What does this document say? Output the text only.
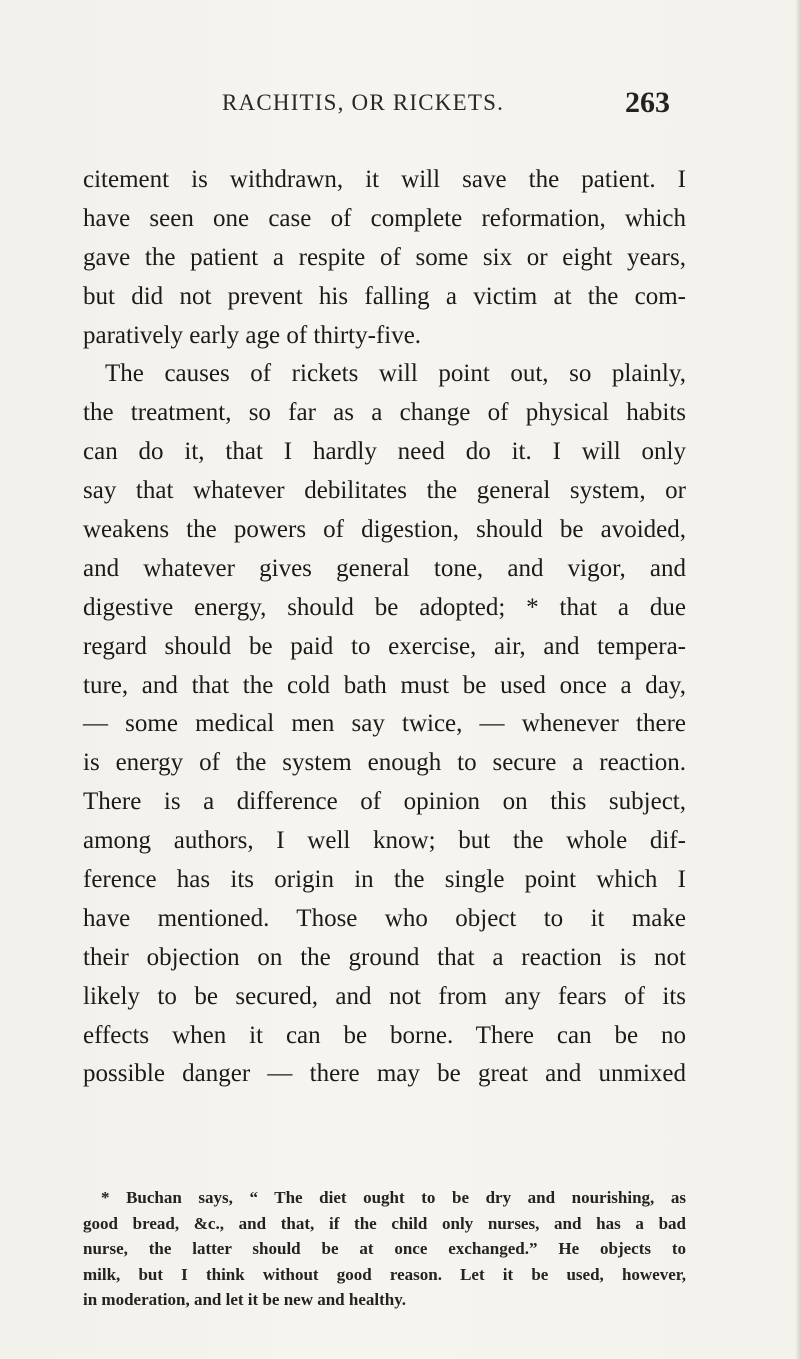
RACHITIS, OR RICKETS.	263
citement is withdrawn, it will save the patient. I
have seen one case of complete reformation, which
gave the patient a respite of some six or eight years,
but did not prevent his falling a victim at the com-
paratively early age of thirty-five.
The causes of rickets will point out, so plainly,
the treatment, so far as a change of physical habits
can do it, that I hardly need do it. I will only
say that whatever debilitates the general system, or
weakens the powers of digestion, should be avoided,
and whatever gives general tone, and vigor, and
digestive energy, should be adopted; * that a due
regard should be paid to exercise, air, and tempera-
ture, and that the cold bath must be used once a day,
— some medical men say twice, — whenever there
is energy of the system enough to secure a reaction.
There is a difference of opinion on this subject,
among authors, I well know; but the whole dif-
ference has its origin in the single point which I
have mentioned. Those who object to it make
their objection on the ground that a reaction is not
likely to be secured, and not from any fears of its
effects when it can be borne. There can be no
possible danger — there may be great and unmixed
* Buchan says, “ The diet ought to be dry and nourishing, as
good bread, &c., and that, if the child only nurses, and has a bad
nurse, the latter should be at once exchanged.” He objects to
milk, but I think without good reason. Let it be used, however,
in moderation, and let it be new and healthy.
